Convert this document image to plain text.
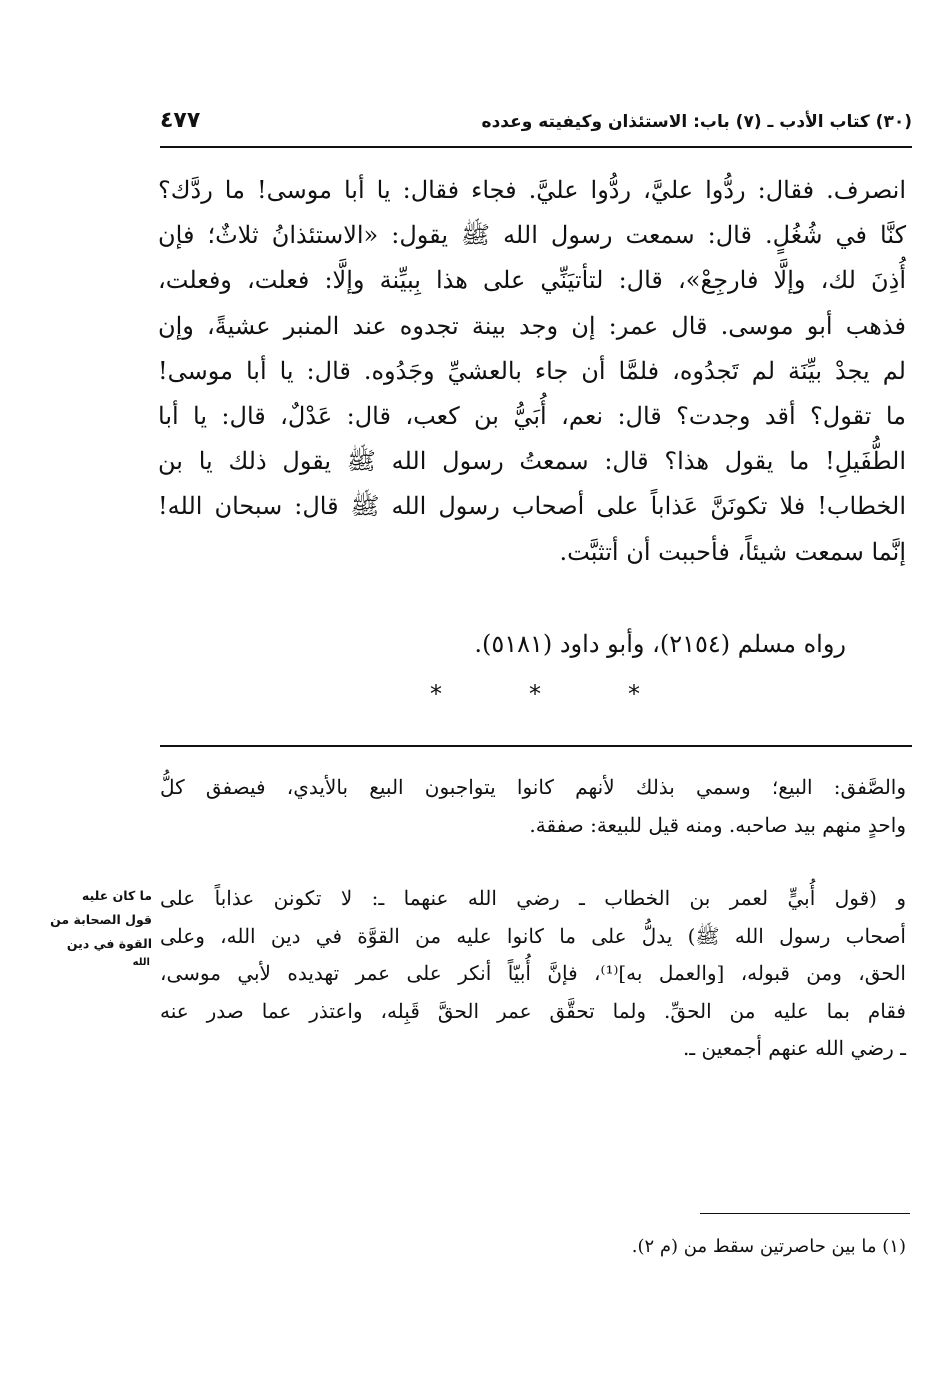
(٣٠) كتاب الأدب ـ (٧) باب: الاستئذان وكيفيته وعدده
٤٧٧
انصرف. فقال: ردُّوا عليَّ، ردُّوا عليَّ. فجاء فقال: يا أبا موسى! ما ردَّك؟
كنَّا في شُغُلٍ. قال: سمعت رسول الله ﷺ يقول: «الاستئذانُ ثلاثٌ؛ فإن
أُذِنَ لك، وإلَّا فارجِعْ»، قال: لتأتيَنِّي على هذا بِبيِّنة وإلَّا: فعلت، وفعلت،
فذهب أبو موسى. قال عمر: إن وجد بينة تجدوه عند المنبر عشيةً، وإن
لم يجدْ بيِّنَة لم تَجدُوه، فلمَّا أن جاء بالعشيِّ وجَدُوه. قال: يا أبا موسى!
ما تقول؟ أقد وجدت؟ قال: نعم، أُبَيُّ بن كعب، قال: عَدْلٌ، قال: يا أبا
الطُّفَيلِ! ما يقول هذا؟ قال: سمعتُ رسول الله ﷺ يقول ذلك يا بن
الخطاب! فلا تكونَنَّ عَذاباً على أصحاب رسول الله ﷺ قال: سبحان الله!
إنَّما سمعت شيئاً، فأحببت أن أتثبَّت.
رواه مسلم (٢١٥٤)، وأبو داود (٥١٨١).
*	*	*
والصَّفق: البيع؛ وسمي بذلك لأنهم كانوا يتواجبون البيع بالأيدي، فيصفق كلُّ
واحدٍ منهم بيد صاحبه. ومنه قيل للبيعة: صفقة.
و (قول أُبيٍّ لعمر بن الخطاب ـ رضي الله عنهما ـ: لا تكونن عذاباً على
أصحاب رسول الله ﷺ) يدلُّ على ما كانوا عليه من القوَّة في دين الله، وعلى
الحق، ومن قبوله، [والعمل به]⁽¹⁾، فإنَّ أُبيّاً أنكر على عمر تهديده لأبي موسى،
فقام بما عليه من الحقِّ. ولما تحقَّق عمر الحقَّ قَبِله، واعتذر عما صدر عنه
ـ رضي الله عنهم أجمعين ـ.
ما كان عليه
قول الصحابة من
القوة في دين
الله
(١) ما بين حاصرتين سقط من (م ٢).
